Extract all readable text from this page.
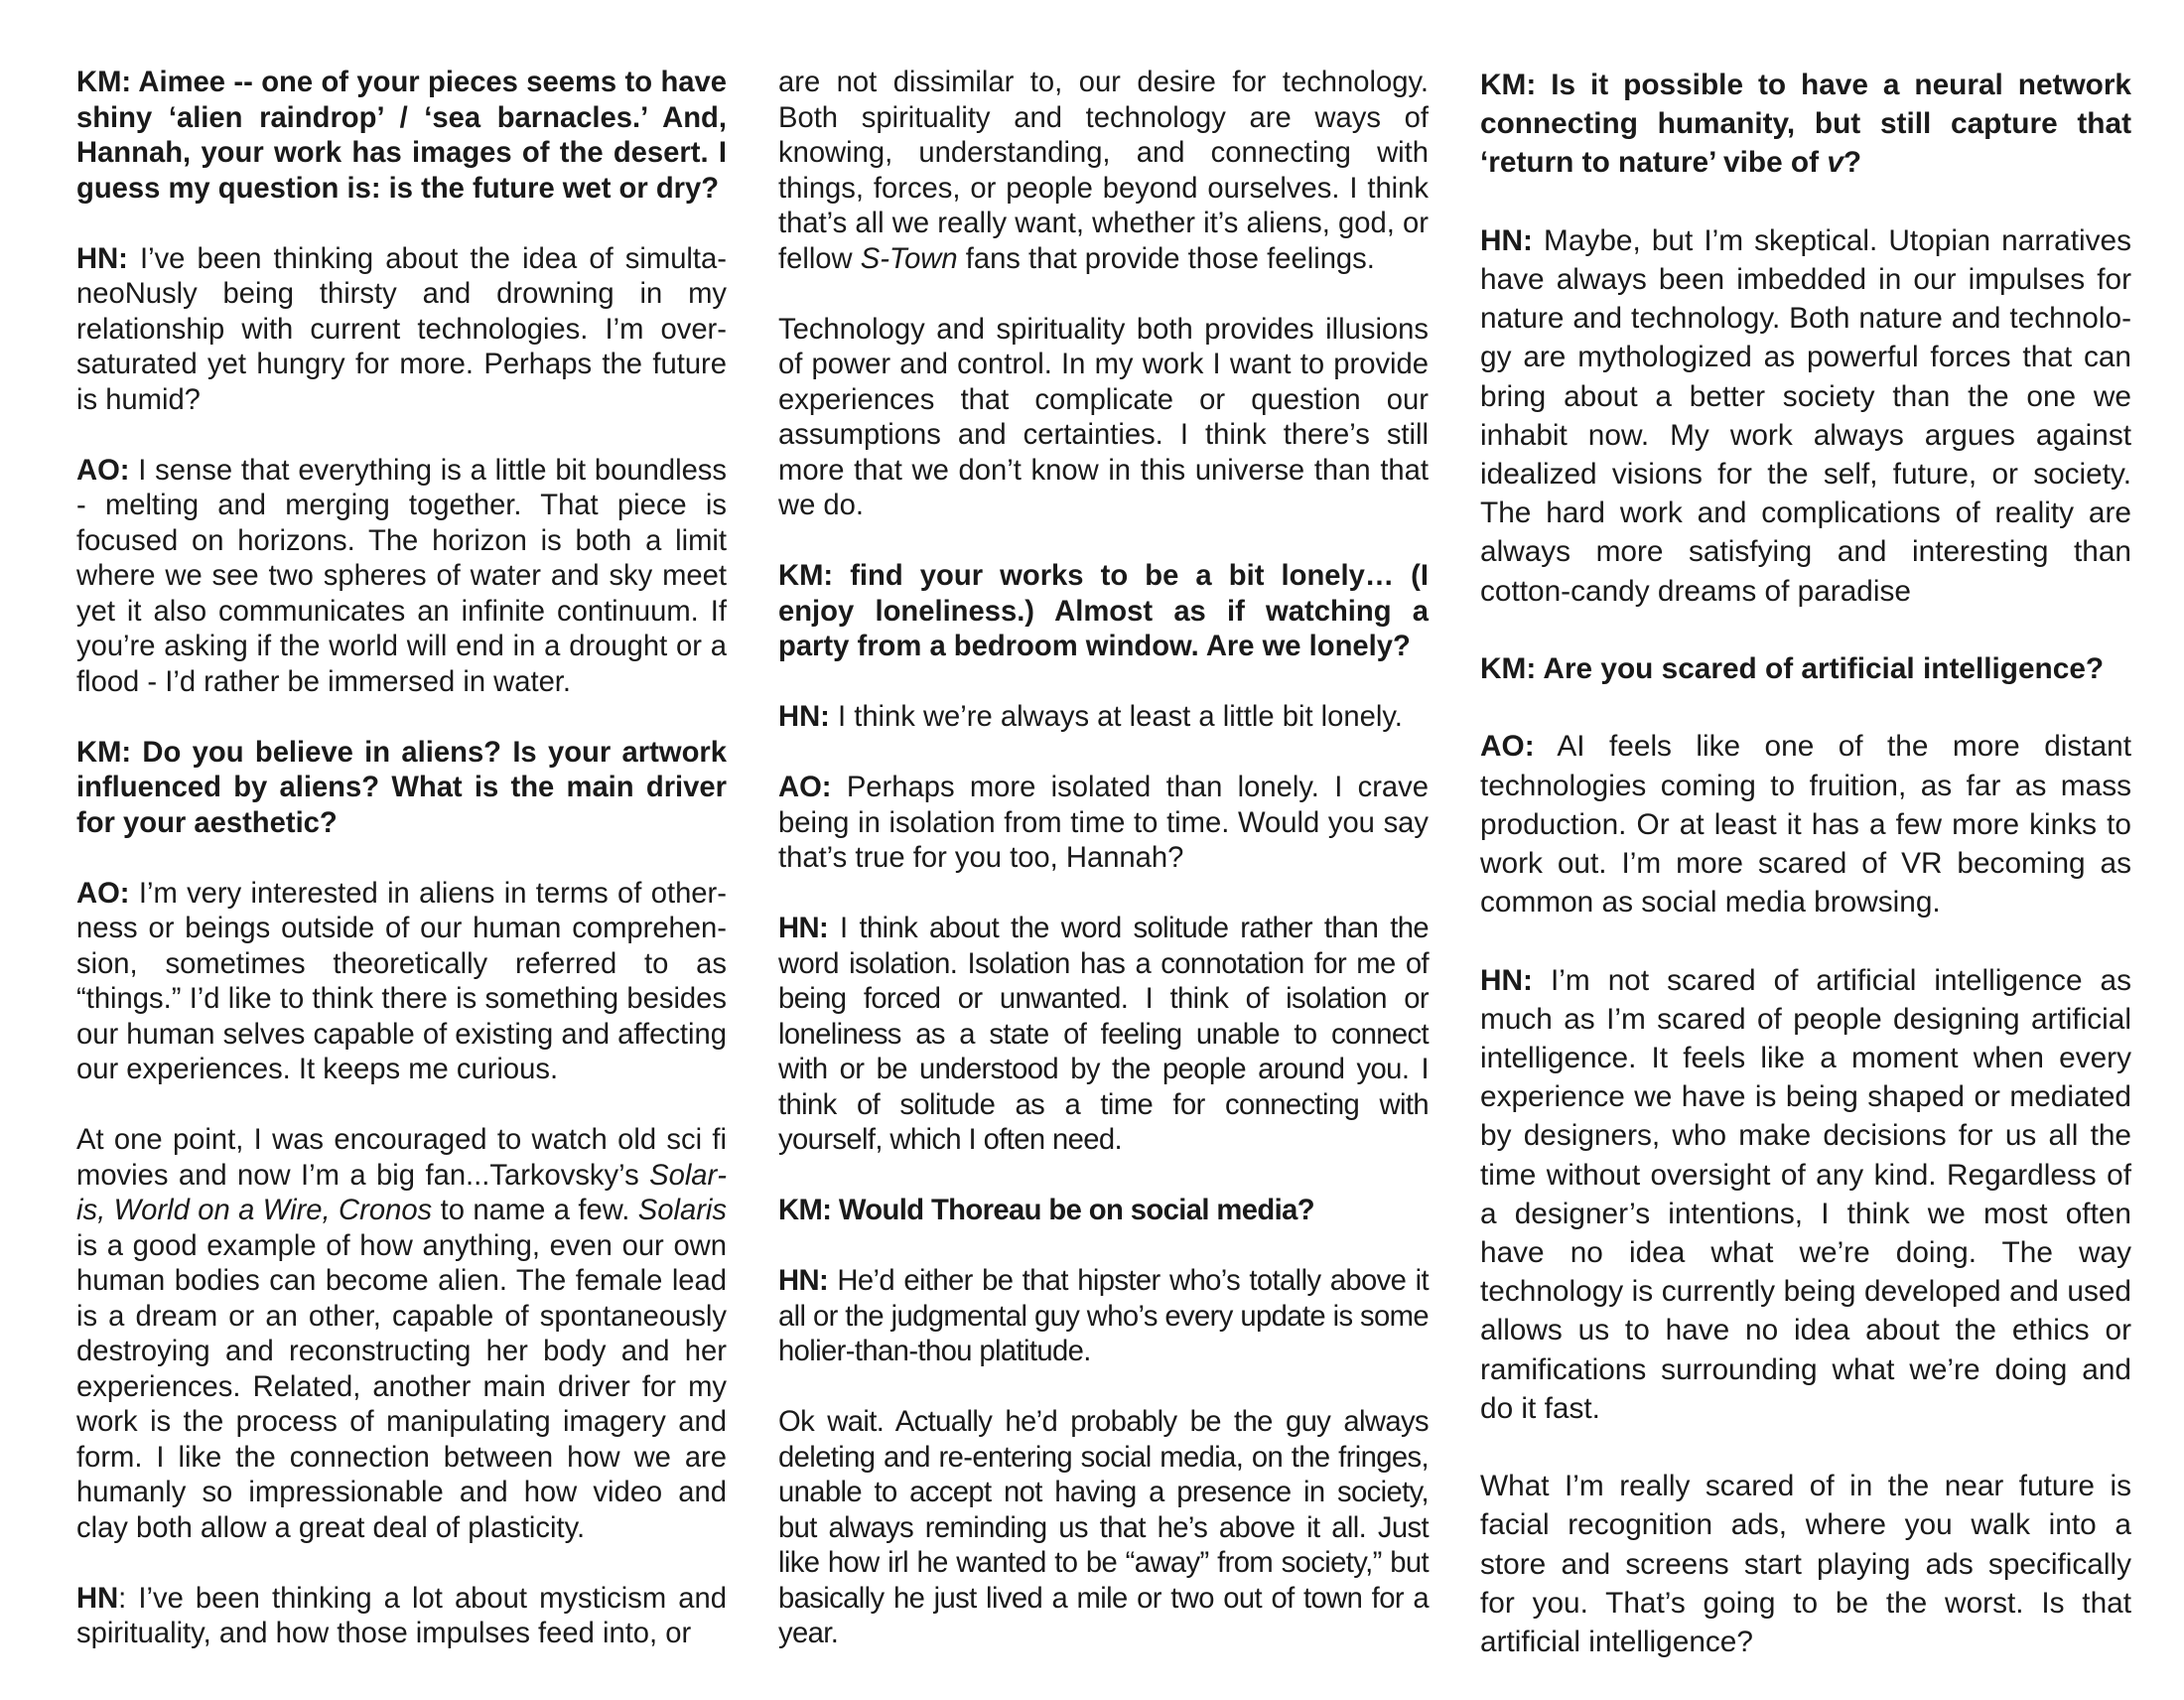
KM: Aimee -- one of your pieces seems to have shiny ‘alien raindrop’ / ‘sea barnacles.’ And, Hannah, your work has images of the desert. I guess my question is: is the future wet or dry?

HN: I’ve been thinking about the idea of simultaneoNusly being thirsty and drowning in my relationship with current technologies. I’m over-saturated yet hungry for more. Perhaps the future is humid?

AO: I sense that everything is a little bit boundless - melting and merging together. That piece is focused on horizons. The horizon is both a limit where we see two spheres of water and sky meet yet it also communicates an infinite continuum. If you’re asking if the world will end in a drought or a flood - I’d rather be immersed in water.

KM: Do you believe in aliens? Is your artwork influenced by aliens? What is the main driver for your aesthetic?

AO: I’m very interested in aliens in terms of otherness or beings outside of our human comprehension, sometimes theoretically referred to as “things.” I’d like to think there is something besides our human selves capable of existing and affecting our experiences. It keeps me curious.

At one point, I was encouraged to watch old sci fi movies and now I’m a big fan...Tarkovsky’s Solaris, World on a Wire, Cronos to name a few. Solaris is a good example of how anything, even our own human bodies can become alien. The female lead is a dream or an other, capable of spontaneously destroying and reconstructing her body and her experiences. Related, another main driver for my work is the process of manipulating imagery and form. I like the connection between how we are humanly so impressionable and how video and clay both allow a great deal of plasticity.

HN: I’ve been thinking a lot about mysticism and spirituality, and how those impulses feed into, or

are not dissimilar to, our desire for technology. Both spirituality and technology are ways of knowing, understanding, and connecting with things, forces, or people beyond ourselves. I think that’s all we really want, whether it’s aliens, god, or fellow S-Town fans that provide those feelings.

Technology and spirituality both provides illusions of power and control. In my work I want to provide experiences that complicate or question our assumptions and certainties. I think there’s still more that we don’t know in this universe than that we do.

KM: find your works to be a bit lonely… (I enjoy loneliness.) Almost as if watching a party from a bedroom window. Are we lonely?

HN: I think we’re always at least a little bit lonely.

AO: Perhaps more isolated than lonely. I crave being in isolation from time to time. Would you say that’s true for you too, Hannah?

HN: I think about the word solitude rather than the word isolation. Isolation has a connotation for me of being forced or unwanted. I think of isolation or loneliness as a state of feeling unable to connect with or be understood by the people around you. I think of solitude as a time for connecting with yourself, which I often need.

KM: Would Thoreau be on social media?

HN: He’d either be that hipster who’s totally above it all or the judgmental guy who’s every update is some holier-than-thou platitude.

Ok wait. Actually he’d probably be the guy always deleting and re-entering social media, on the fringes, unable to accept not having a presence in society, but always reminding us that he’s above it all. Just like how irl he wanted to be “away” from society,” but basically he just lived a mile or two out of town for a year.

KM: Is it possible to have a neural network connecting humanity, but still capture that ‘return to nature’ vibe of v?

HN: Maybe, but I’m skeptical. Utopian narratives have always been imbedded in our impulses for nature and technology. Both nature and technology are mythologized as powerful forces that can bring about a better society than the one we inhabit now. My work always argues against idealized visions for the self, future, or society. The hard work and complications of reality are always more satisfying and interesting than cotton-candy dreams of paradise

KM: Are you scared of artificial intelligence?

AO: AI feels like one of the more distant technologies coming to fruition, as far as mass production. Or at least it has a few more kinks to work out. I’m more scared of VR becoming as common as social media browsing.

HN: I’m not scared of artificial intelligence as much as I’m scared of people designing artificial intelligence. It feels like a moment when every experience we have is being shaped or mediated by designers, who make decisions for us all the time without oversight of any kind. Regardless of a designer’s intentions, I think we most often have no idea what we’re doing. The way technology is currently being developed and used allows us to have no idea about the ethics or ramifications surrounding what we’re doing and do it fast.

What I’m really scared of in the near future is facial recognition ads, where you walk into a store and screens start playing ads specifically for you. That’s going to be the worst. Is that artificial intelligence?
